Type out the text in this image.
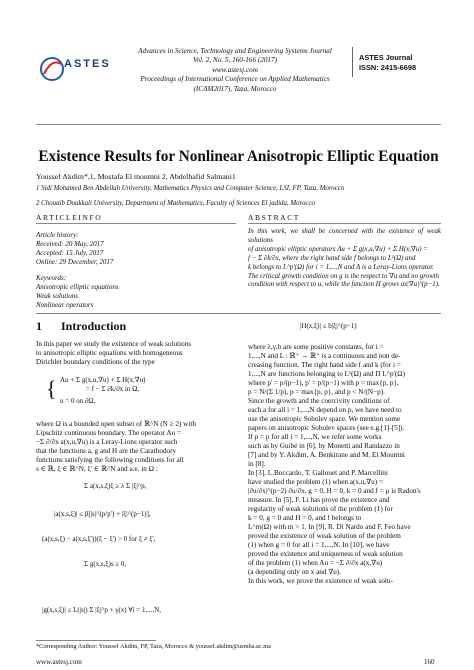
ASTES
Advances in Science, Technology and Engineering Systems Journal
Vol. 2, No. 5, 160-166 (2017)
www.astesj.com
Proceedings of International Conference on Applied Mathematics
(ICAM2017), Taza, Morocco
ASTES Journal
ISSN: 2415-6698
Existence Results for Nonlinear Anisotropic Elliptic Equation
Youssef Akdim*,1, Mostafa El moumni 2, Abdelhafid Salmani1
1 Sidi Mohamed Ben Abdellah University, Mathematics Physics and Computer Science, LSI, FP, Taza, Morocco
2 Chouaib Doukkali University, Department of Mathematics, Faculty of Sciences El jadida, Morocco
ARTICLEINFO
Article history:
Received: 20 May, 2017
Accepted: 15 July, 2017
Online: 29 December, 2017
Keywords:
Anisotropic elliptic equations
Weak solutions
Nonlinear operators
ABSTRACT
In this work, we shall be concerned with the existence of weak solutions
of anisotropic elliptic operators Au + Σ g(x,u,∇u) + Σ H(x,∇u) =
f − Σ ∂k/∂x, where the right hand side f belongs to L¹(Ω) and
k belongs to L^p'(Ω) for i = 1,...,N and A is a Leray-Lions operator.
The critical growth condition on g is the respect to ∇u and no growth
condition with respect to u, while the function H grows as|∇u|^(p−1).
1 Introduction
In this paper we study the existence of weak solutions
to anisotropic elliptic equations with homogeneous
Dirichlet boundary conditions of the type
{ Au + Σ g(x,u,∇u) + Σ H(x,∇u)
= f − Σ ∂k/∂x in Ω,
u = 0 on ∂Ω,
where Ω is a bounded open subset of ℝ^N (N ≥ 2) with
Lipschitz continuous boundary. The operator Au =
−Σ ∂/∂x a(x,u,∇u) is a Leray-Lions operator such
that the functions a, g and H are the Carathodory
functions satisfying the following conditions for all
s ∈ ℝ, ξ ∈ ℝ^N, ξ' ∈ ℝ^N and a.e. in Ω :
Σ a(x,s,ξ)ξ ≥ λ Σ |ξ|^p,
|a(x,s,ξ)| ≤ β[|s|^(p/p') + |ξ|^(p−1)],
(a(x,s,ξ) − a(x,s,ξ'))(ξ − ξ') > 0 for ξ ≠ ξ',
Σ g(x,s,ξ)s ≥ 0,
|g(x,s,ξ)| ≤ L(|s|) Σ |ξ|^p + γ(x) ∀i = 1,...,N,
*Corresponding Author: Youssef Akdim, FP, Taza, Morocco & youssef.akdim@usmba.ac.ma
|H(x,ξ)| ≤ b|ξ|^(p−1)
where λ,γ,b are some positive constants, for i =
1,...,N and L : ℝ⁺ → ℝ⁺ is a continuous and non de-
creasing function. The right hand side f and k (for i =
1,...,N are functions belonging to L¹(Ω) and Π L^p'(Ω)
where p' = p/(p−1), p' = p/(p−1) with p = max{p, p},
p = N/(Σ 1/p), p = max{p, p}, and p < N/(N−p).
Since the growth and the coercivity conditions of
each a for all i = 1,...,N depend on p, we have need to
use the anisotropic Sobolev space. We mention some
papers on anisotropic Sobolev spaces (see e.g.[1]-[5]).
If p = p for all i = 1,...,N, we refer some works
such as by Guibé in [6], by Monetti and Randazzo in
[7] and by Y. Akdim, A. Benkirane and M. El Moumni
in [8].
In [3], L.Boccardo, T. Gallouet and P. Marcellini
have studied the problem (1) when a(x,u,∇u) =
|∂u/∂x|^(p−2) ∂u/∂x, g = 0, H = 0, k = 0 and f = μ is Radon's
measure. In [5], F. Li has prove the existence and
regularity of weak solutions of the problem (1) for
k = 0, g = 0 and H = 0, and f belongs to
L^m(Ω) with m > 1. In [9], R. Di Nardo and F. Feo have
proved the existence of weak solution of the problem
(1) when g = 0 for all i = 1,...,N. In [10], we have
proved the existence and uniqueness of weak solution
of the problem (1) when Au = −Σ ∂/∂x a(x,∇u)
(a depending only on x and ∇u).
In this work, we prove the existence of weak solu-
www.astesj.com	160
